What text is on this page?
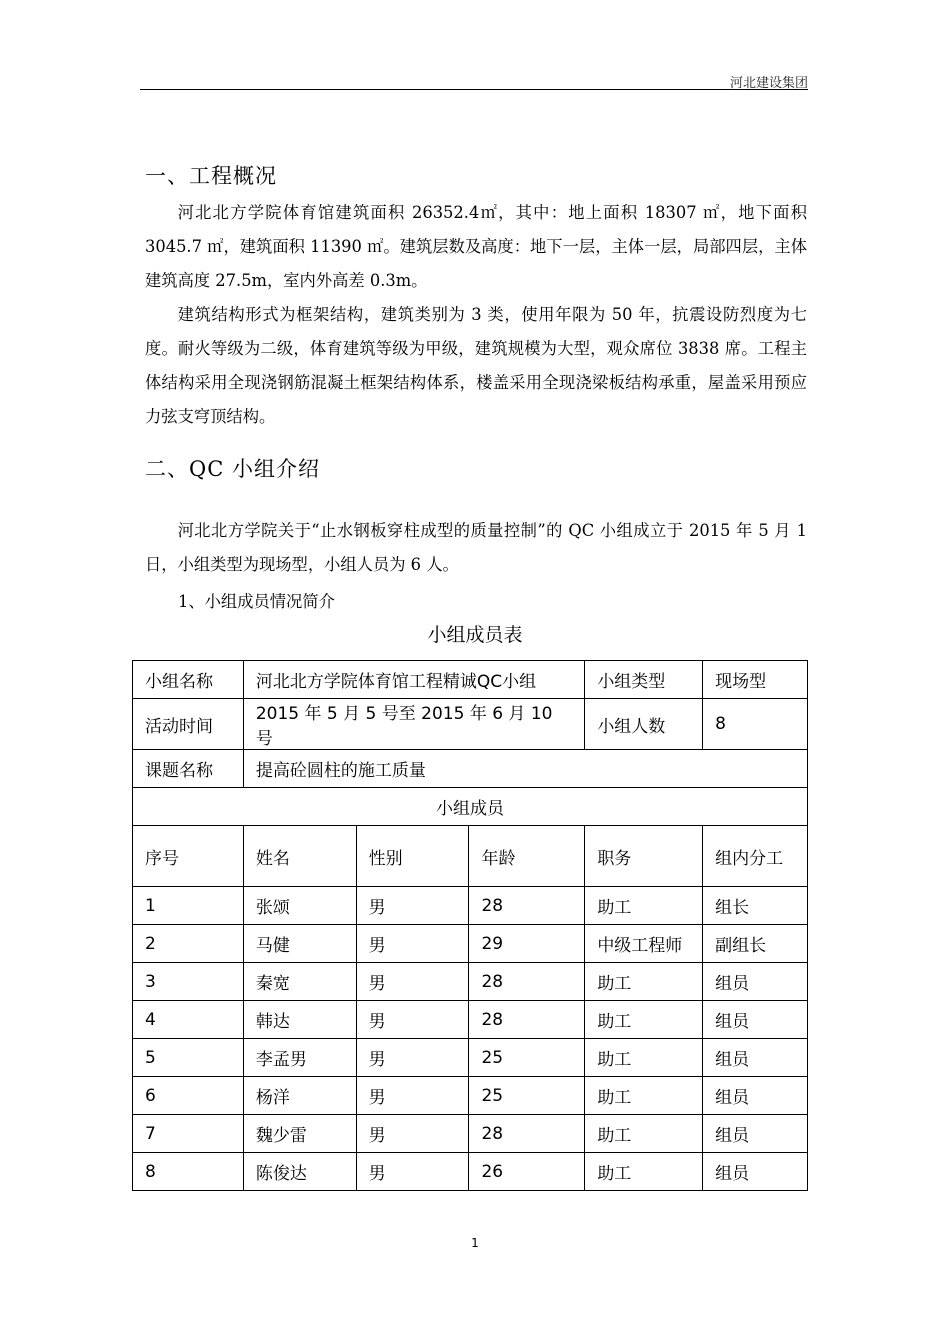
河北建设集团
一、工程概况

河北北方学院体育馆建筑面积 26352.4㎡，其中：地上面积 18307 ㎡，地下面积 3045.7 ㎡，建筑面积 11390 ㎡。建筑层数及高度：地下一层，主体一层，局部四层，主体建筑高度 27.5m，室内外高差 0.3m。

建筑结构形式为框架结构，建筑类别为 3 类，使用年限为 50 年，抗震设防烈度为七度。耐火等级为二级，体育建筑等级为甲级，建筑规模为大型，观众席位 3838 席。工程主体结构采用全现浇钢筋混凝土框架结构体系，楼盖采用全现浇梁板结构承重，屋盖采用预应力弦支穹顶结构。

二、QC 小组介绍

河北北方学院关于“止水钢板穿柱成型的质量控制”的 QC 小组成立于 2015 年 5 月 1 日，小组类型为现场型，小组人员为 6 人。

1、小组成员情况简介
小组成员表
小组名称	河北北方学院体育馆工程精诚QC小组			小组类型	现场型
活动时间	2015 年 5 月 5 号至 2015 年 6 月 10 号			小组人数	8
课题名称	提高砼圆柱的施工质量				
小组成员					
序号	姓名	性别	年龄	职务	组内分工
1	张颂	男	28	助工	组长
2	马健	男	29	中级工程师	副组长
3	秦宽	男	28	助工	组员
4	韩达	男	28	助工	组员
5	李孟男	男	25	助工	组员
6	杨洋	男	25	助工	组员
7	魏少雷	男	28	助工	组员
8	陈俊达	男	26	助工	组员
1
